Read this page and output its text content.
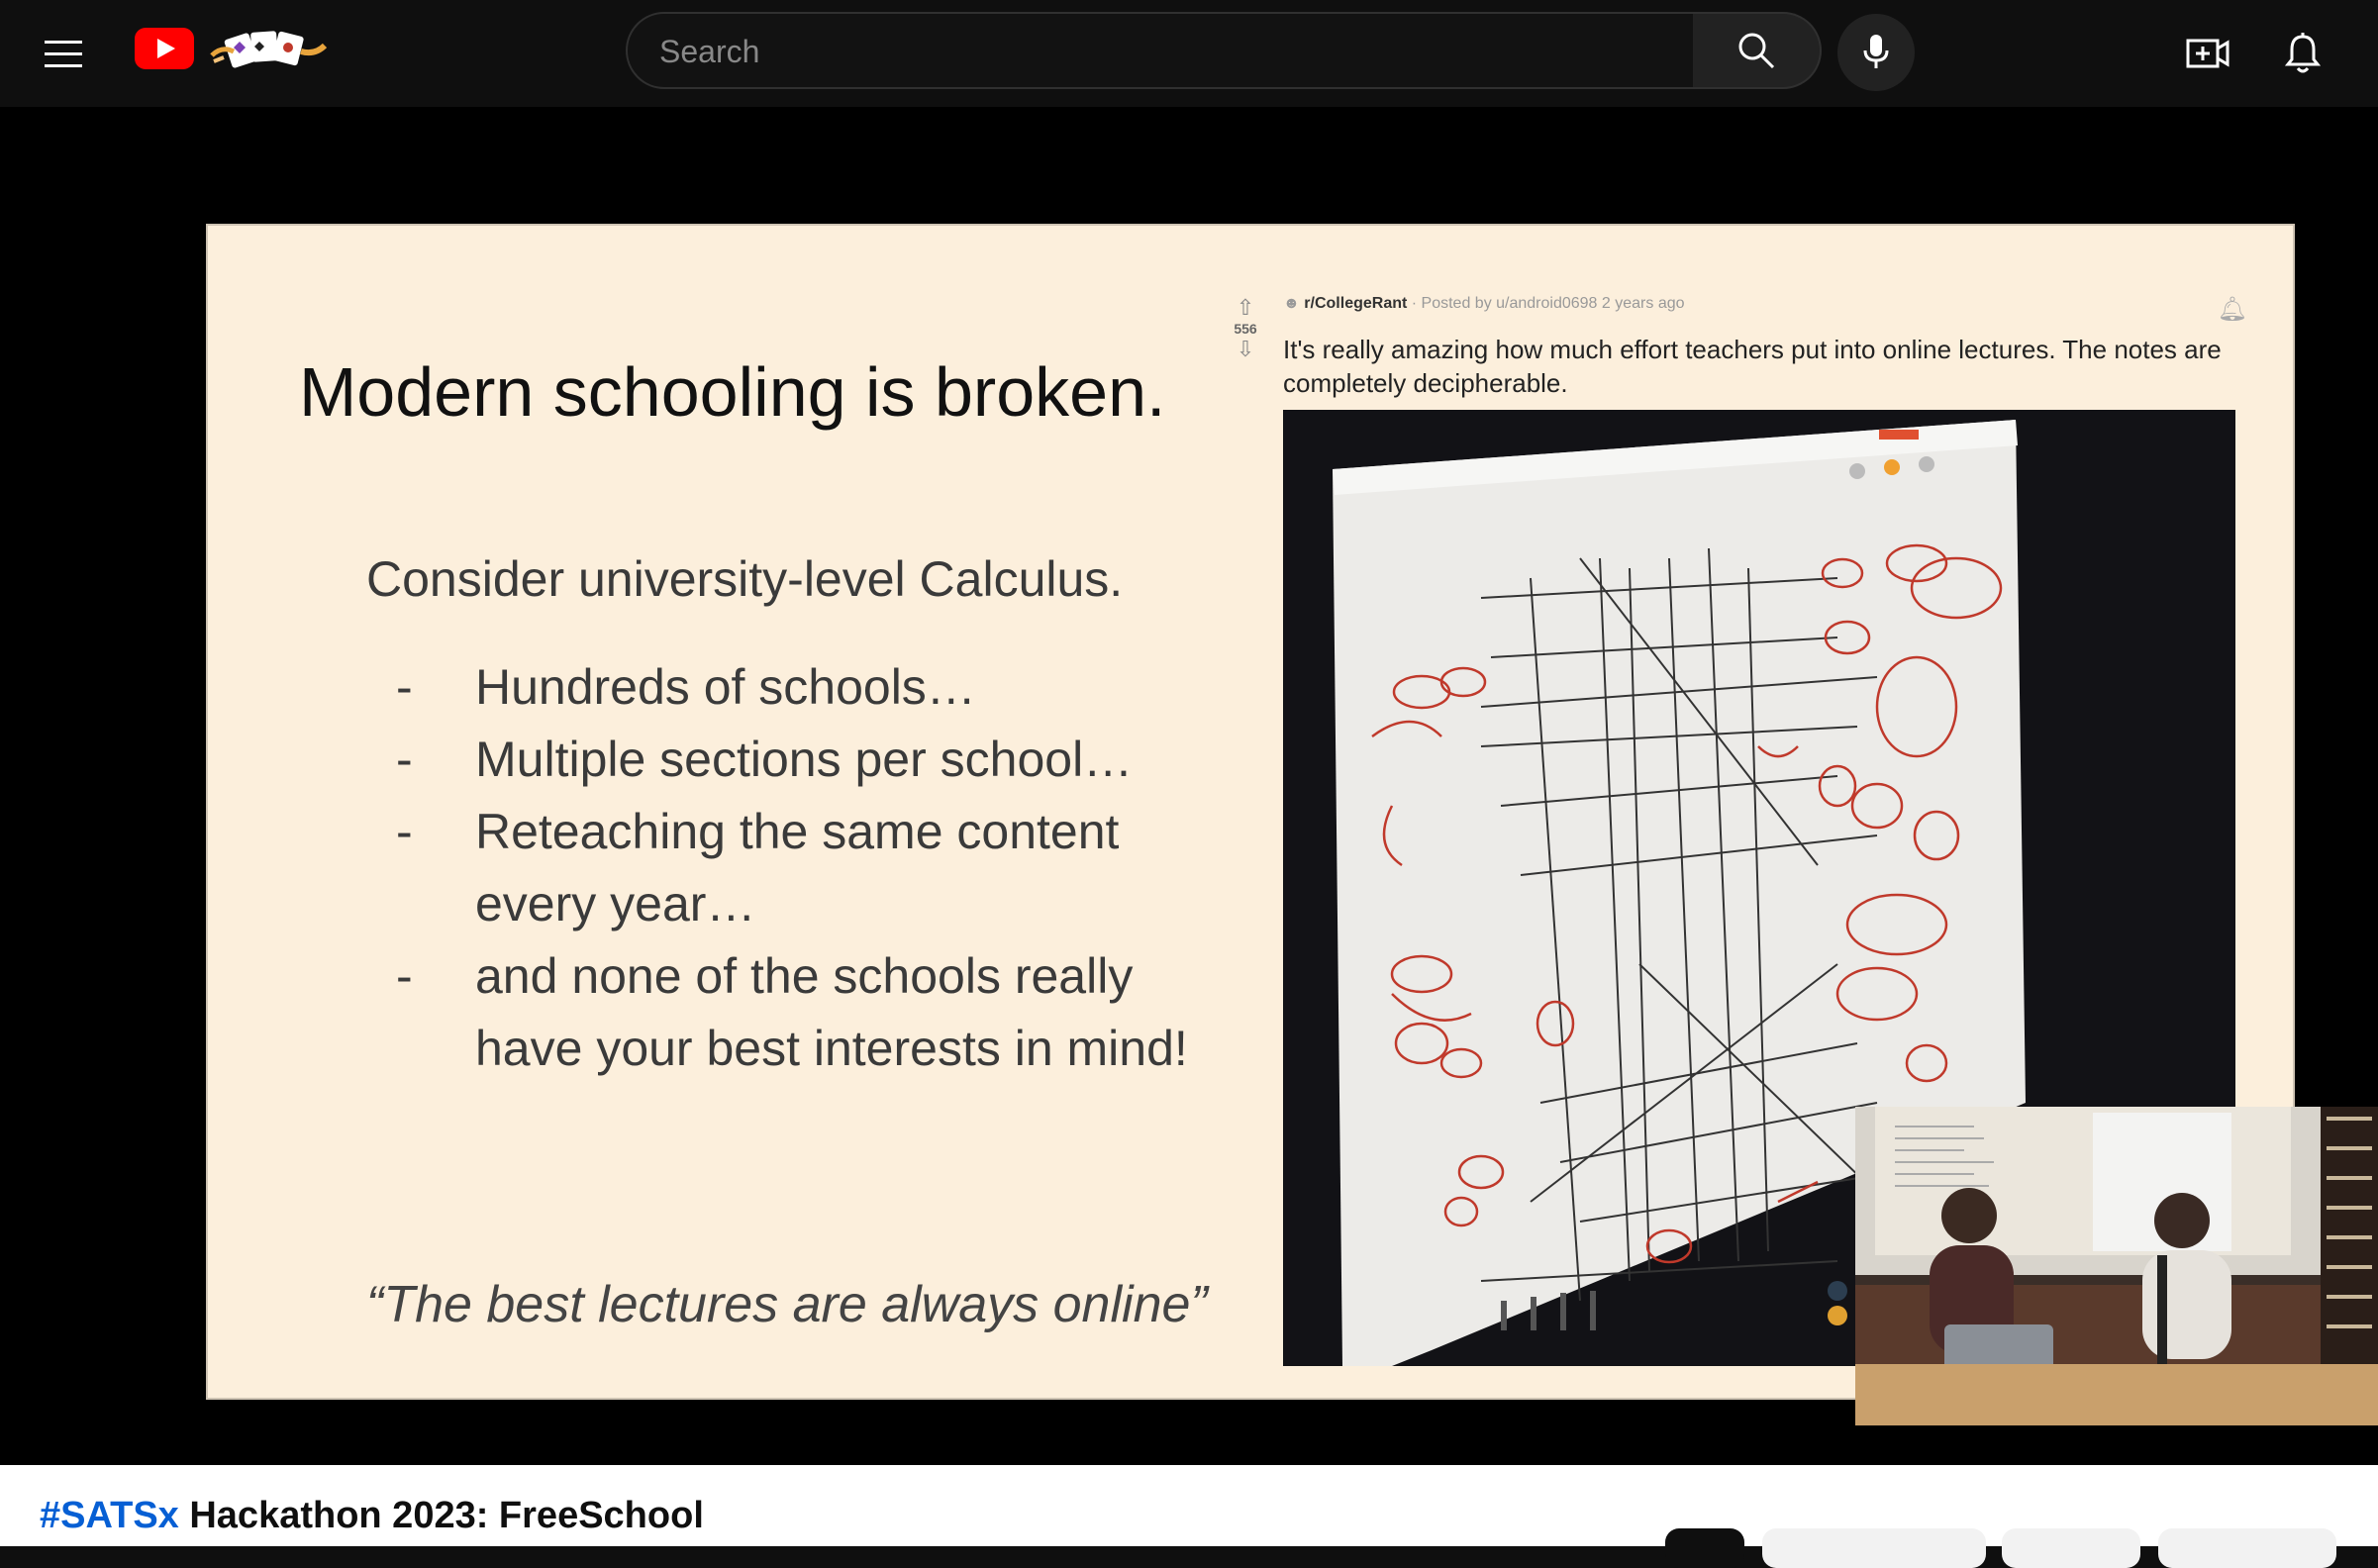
Search
Modern schooling is broken.
Consider university-level Calculus.
- Hundreds of schools…
- Multiple sections per school…
- Reteaching the same content every year…
- and none of the schools really have your best interests in mind!
“The best lectures are always online”
⇧
556
⇩
☻ r/CollegeRant · Posted by u/android0698 2 years ago	🔔︎
It's really amazing how much effort teachers put into online lectures. The notes are completely decipherable.
#SATSx Hackathon 2023: FreeSchool
